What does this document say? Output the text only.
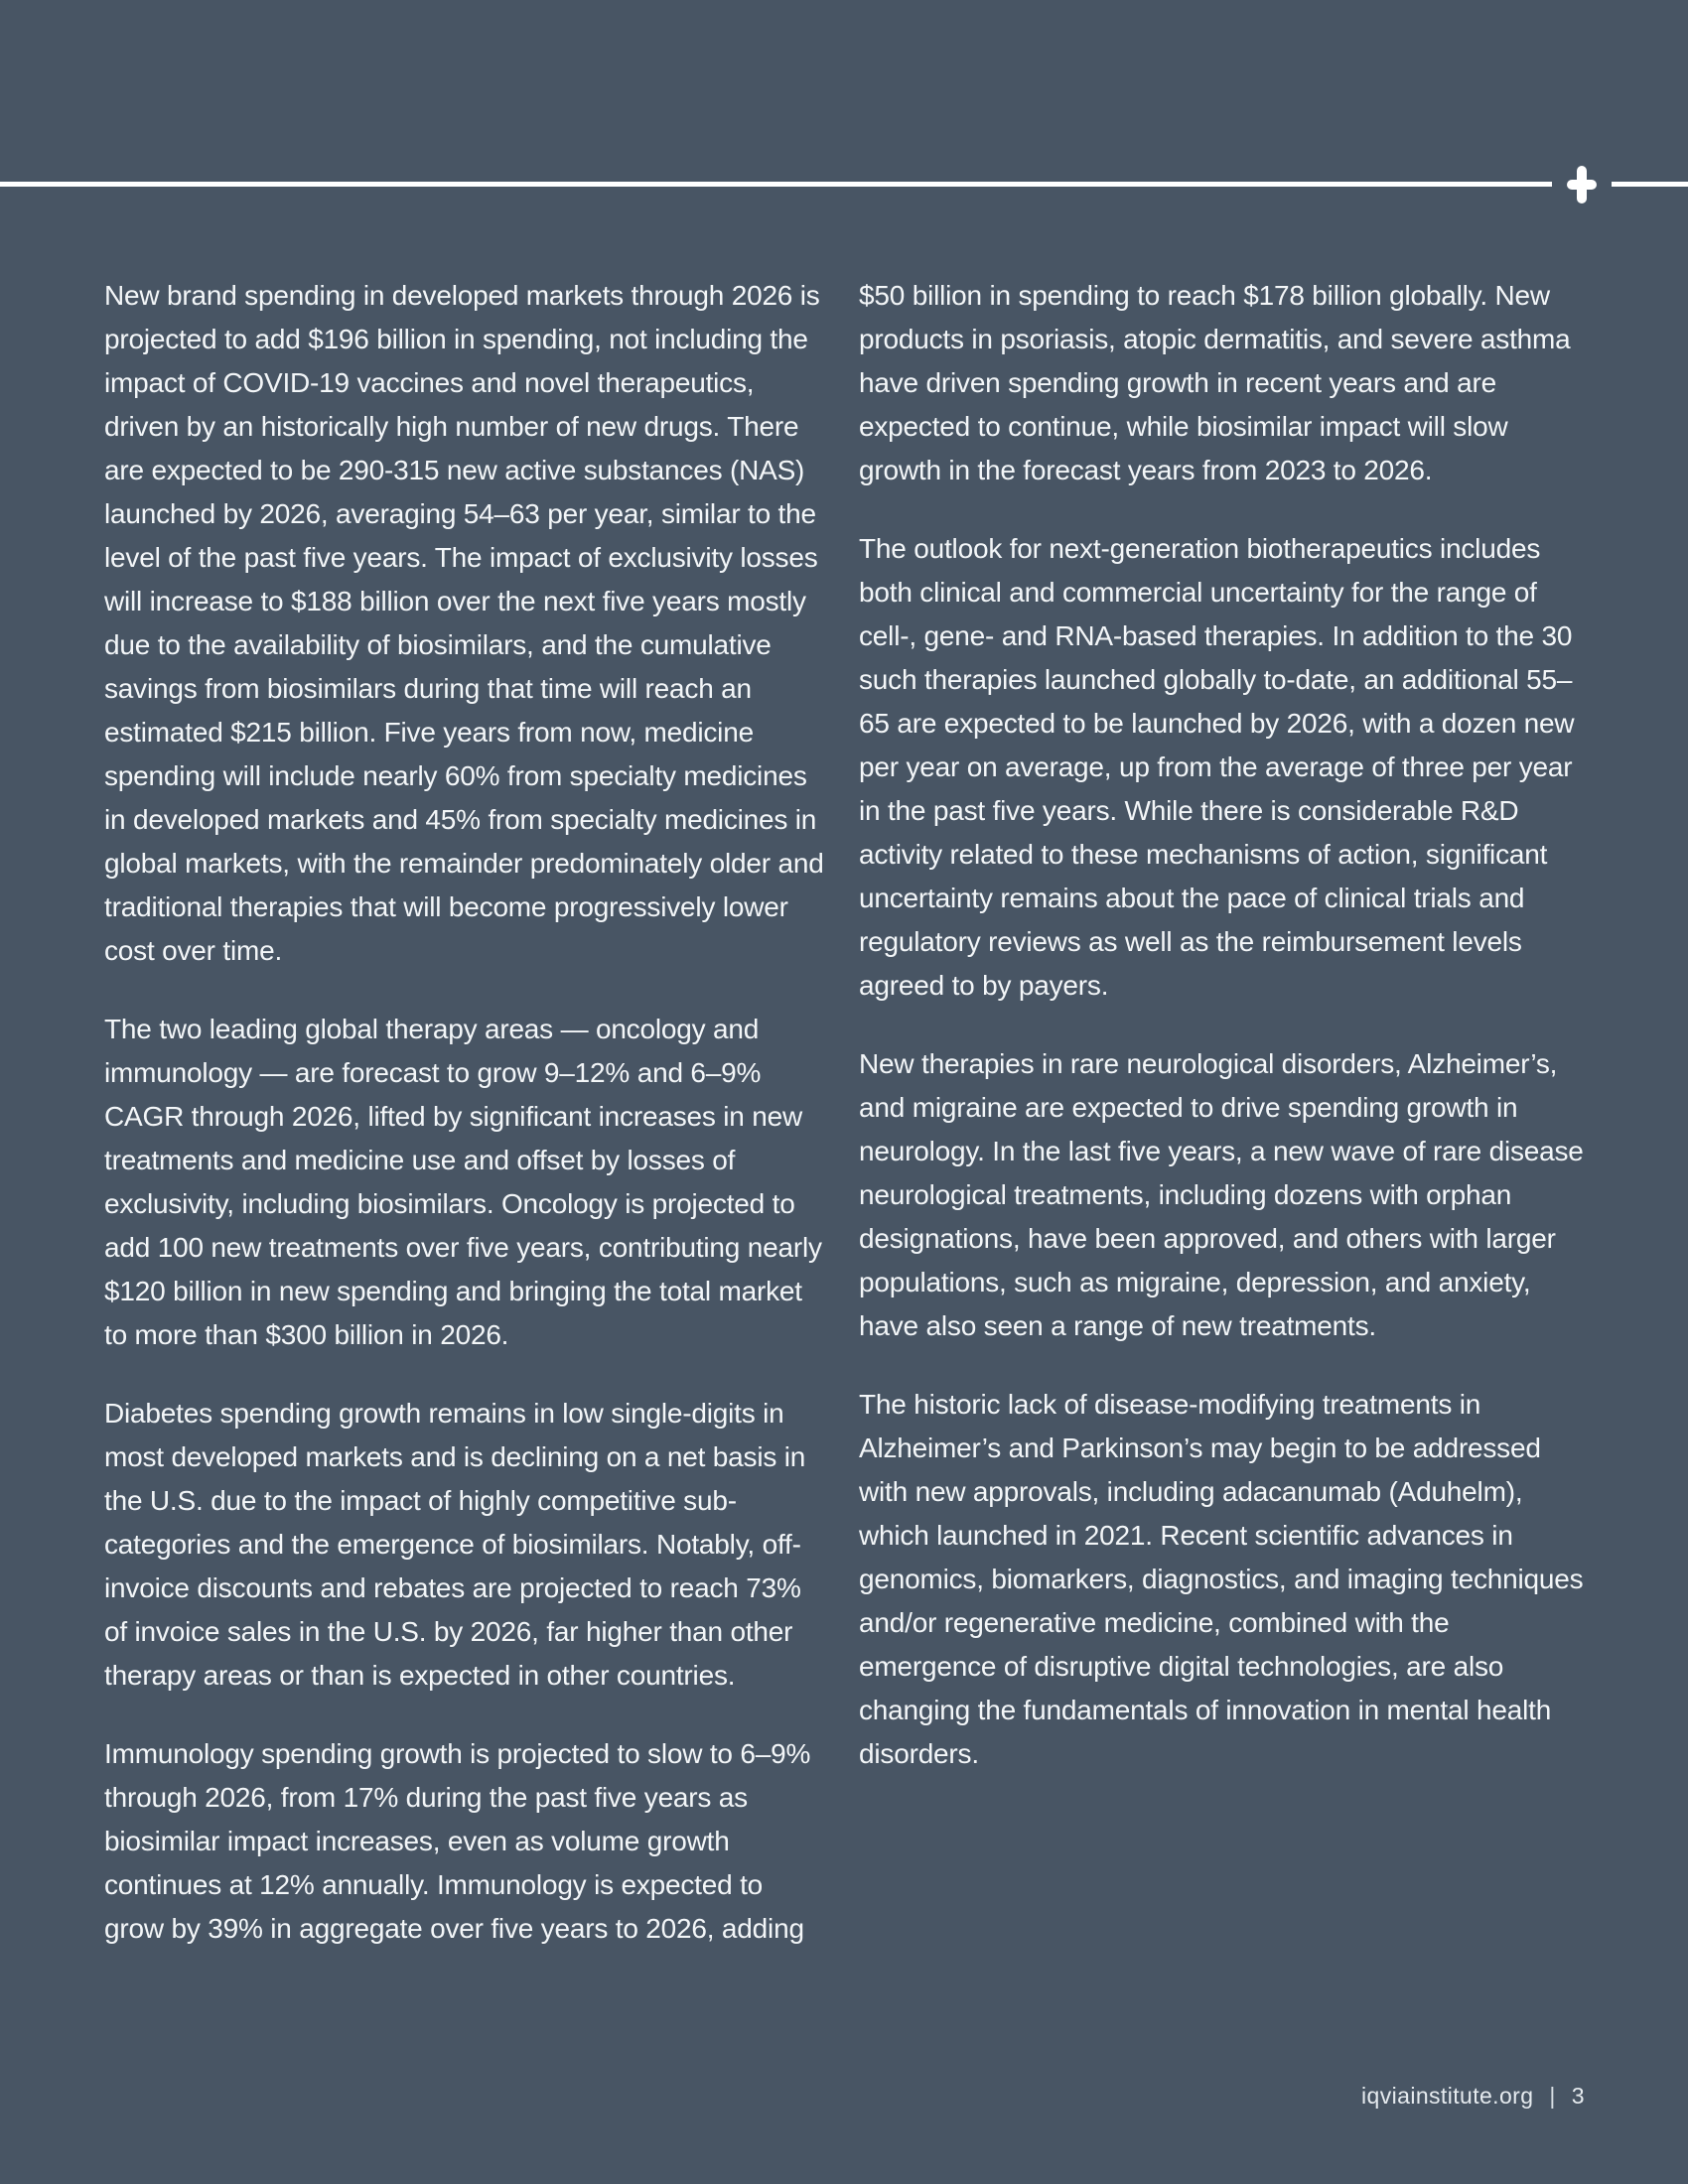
New brand spending in developed markets through 2026 is projected to add $196 billion in spending, not including the impact of COVID-19 vaccines and novel therapeutics, driven by an historically high number of new drugs. There are expected to be 290-315 new active substances (NAS) launched by 2026, averaging 54–63 per year, similar to the level of the past five years. The impact of exclusivity losses will increase to $188 billion over the next five years mostly due to the availability of biosimilars, and the cumulative savings from biosimilars during that time will reach an estimated $215 billion. Five years from now, medicine spending will include nearly 60% from specialty medicines in developed markets and 45% from specialty medicines in global markets, with the remainder predominately older and traditional therapies that will become progressively lower cost over time.

The two leading global therapy areas — oncology and immunology — are forecast to grow 9–12% and 6–9% CAGR through 2026, lifted by significant increases in new treatments and medicine use and offset by losses of exclusivity, including biosimilars. Oncology is projected to add 100 new treatments over five years, contributing nearly $120 billion in new spending and bringing the total market to more than $300 billion in 2026.

Diabetes spending growth remains in low single-digits in most developed markets and is declining on a net basis in the U.S. due to the impact of highly competitive sub-categories and the emergence of biosimilars. Notably, off-invoice discounts and rebates are projected to reach 73% of invoice sales in the U.S. by 2026, far higher than other therapy areas or than is expected in other countries.

Immunology spending growth is projected to slow to 6–9% through 2026, from 17% during the past five years as biosimilar impact increases, even as volume growth continues at 12% annually. Immunology is expected to grow by 39% in aggregate over five years to 2026, adding

$50 billion in spending to reach $178 billion globally. New products in psoriasis, atopic dermatitis, and severe asthma have driven spending growth in recent years and are expected to continue, while biosimilar impact will slow growth in the forecast years from 2023 to 2026.

The outlook for next-generation biotherapeutics includes both clinical and commercial uncertainty for the range of cell-, gene- and RNA-based therapies. In addition to the 30 such therapies launched globally to-date, an additional 55–65 are expected to be launched by 2026, with a dozen new per year on average, up from the average of three per year in the past five years. While there is considerable R&D activity related to these mechanisms of action, significant uncertainty remains about the pace of clinical trials and regulatory reviews as well as the reimbursement levels agreed to by payers.

New therapies in rare neurological disorders, Alzheimer’s, and migraine are expected to drive spending growth in neurology. In the last five years, a new wave of rare disease neurological treatments, including dozens with orphan designations, have been approved, and others with larger populations, such as migraine, depression, and anxiety, have also seen a range of new treatments.

The historic lack of disease-modifying treatments in Alzheimer’s and Parkinson’s may begin to be addressed with new approvals, including adacanumab (Aduhelm), which launched in 2021. Recent scientific advances in genomics, biomarkers, diagnostics, and imaging techniques and/or regenerative medicine, combined with the emergence of disruptive digital technologies, are also changing the fundamentals of innovation in mental health disorders.

iqviainstitute.org | 3
